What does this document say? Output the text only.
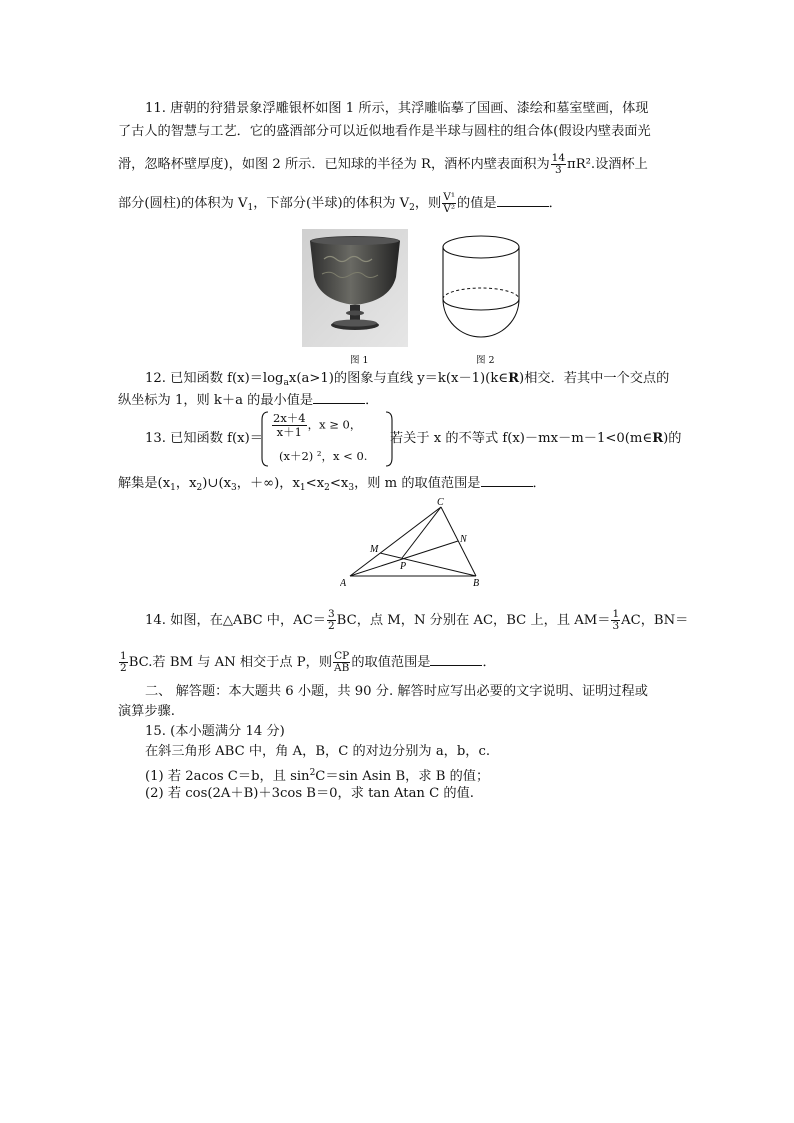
11. 唐朝的狩猎景象浮雕银杯如图 1 所示，其浮雕临摹了国画、漆绘和墓室壁画，体现
了古人的智慧与工艺．它的盛酒部分可以近似地看作是半球与圆柱的组合体(假设内壁表面光
滑，忽略杯壁厚度)，如图 2 所示．已知球的半径为 R，酒杯内壁表面积为 $\frac{14}{3} \pi R^2$.设酒杯上
部分(圆柱)的体积为 $V_1$，下部分(半球)的体积为 $V_2$，则 $\frac{\text{V¹}}{\text{V²}}$ 的值是	．
图 1	图 2
12. 已知函数 $f(x)=\log_ax(a>1)$的图象与直线 y＝k(x－1)(k∈R)相交．若其中一个交点的
纵坐标为 1，则 k＋a 的最小值是	．
13. 已知函数 $f(x)= \frac{2x+4}{x+1}$ ，x ≥ 0，
(x＋2) ²，x < 0.
若关于 x 的不等式 f(x)－mx－m－1<0(m∈R)的
解集是($x_1$，$x_2)\cup(x_3$，＋∞)，$x_1<x_2<x_3$，则 m 的取值范围是	．
A	B
C
M
N
P
14. 如图，在△ABC 中，$AC= \frac{3}{2}$ BC，点 M，N 分别在 AC，BC 上，且 $AM= \frac{1}{3}$ AC，BN＝
$\frac{1}{2}$ BC.若 BM 与 AN 相交于点 P，则 $\frac{CP}{AB}$ 的取值范围是	．
二、 解答题：本大题共 6 小题，共 90 分. 解答时应写出必要的文字说明、证明过程或
演算步骤.
15. (本小题满分 14 分)
在斜三角形 ABC 中，角 A，B，C 的对边分别为 a，b，c.
(1) 若 2acos C＝b，且 $\sin^2C=\sin$ Asin B，求 B 的值；
(2) 若 cos(2A＋B)＋3cos B＝0，求 tan Atan C 的值.
